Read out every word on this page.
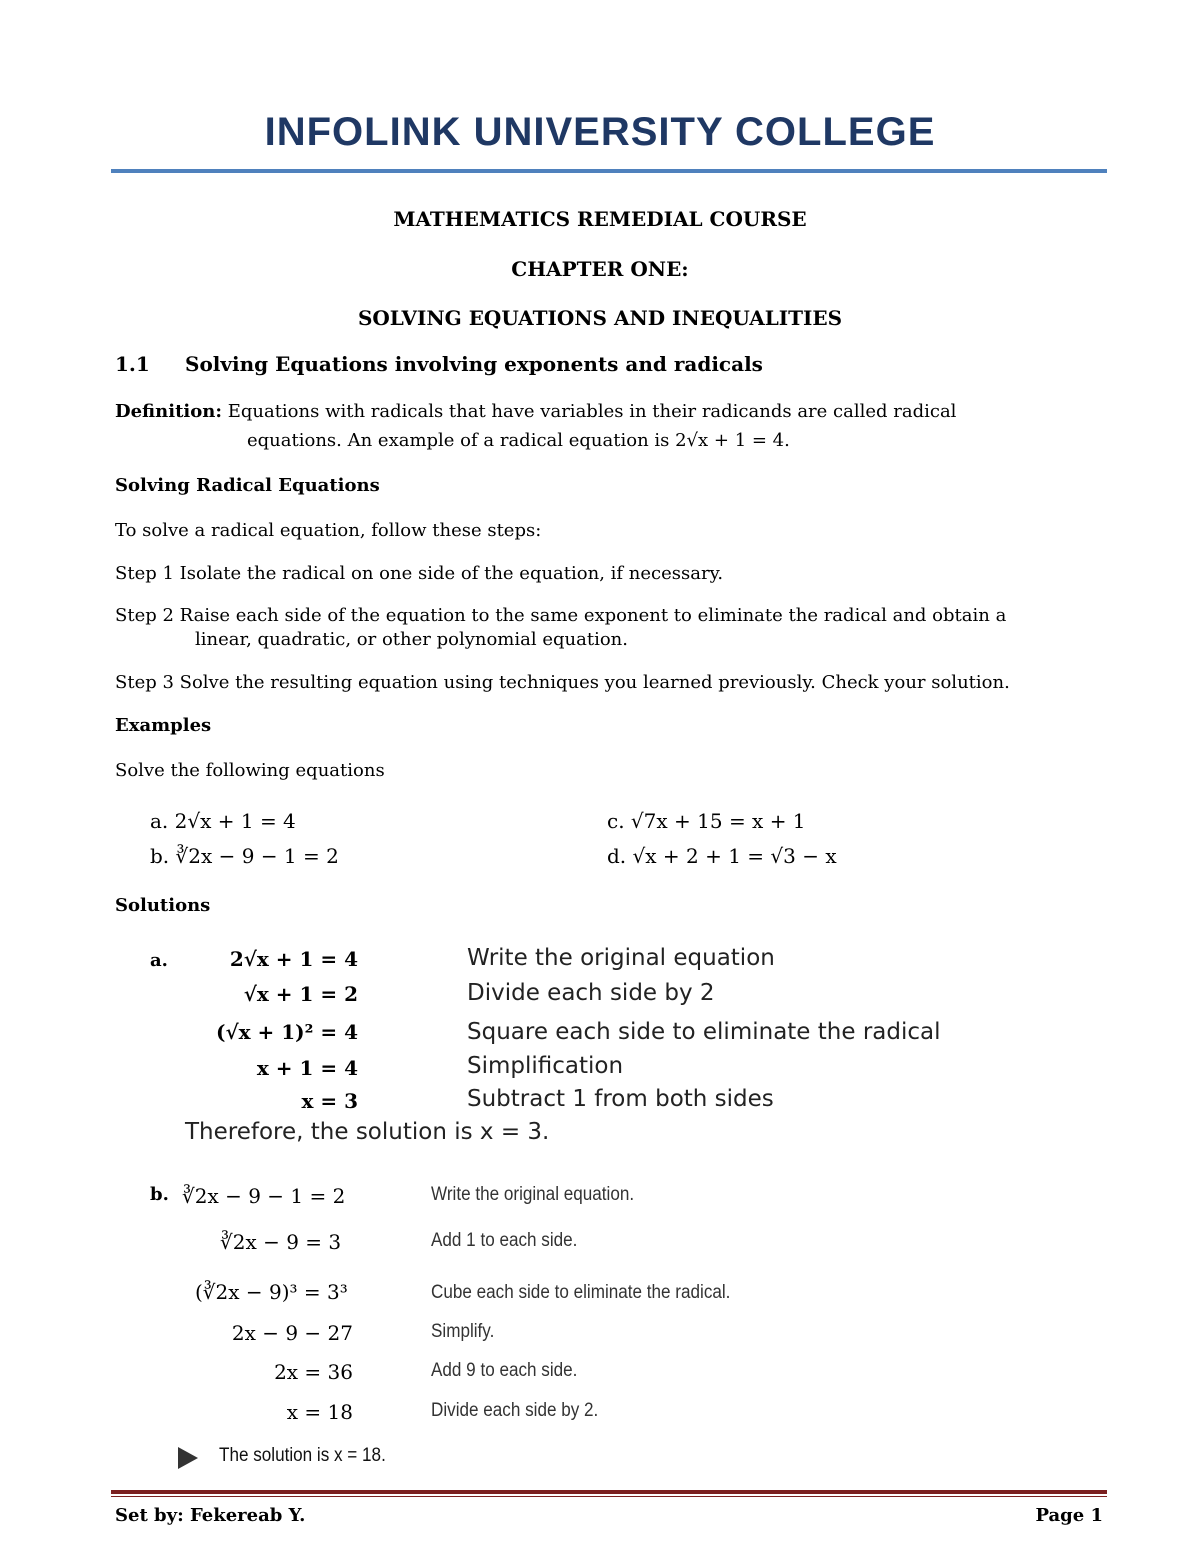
INFOLINK UNIVERSITY COLLEGE
MATHEMATICS REMEDIAL COURSE
CHAPTER ONE:
SOLVING EQUATIONS AND INEQUALITIES
1.1 Solving Equations involving exponents and radicals
Definition: Equations with radicals that have variables in their radicands are called radical
equations. An example of a radical equation is 2√x + 1 = 4.
Solving Radical Equations
To solve a radical equation, follow these steps:
Step 1 Isolate the radical on one side of the equation, if necessary.
Step 2 Raise each side of the equation to the same exponent to eliminate the radical and obtain a
linear, quadratic, or other polynomial equation.
Step 3 Solve the resulting equation using techniques you learned previously. Check your solution.
Examples
Solve the following equations
a. 2√x + 1 = 4
b. ∛2x − 9 − 1 = 2
c. √7x + 15 = x + 1
d. √x + 2 + 1 = √3 − x
Solutions
a.	2√x + 1 = 4	Write the original equation
√x + 1 = 2	Divide each side by 2
(√x + 1)² = 4	Square each side to eliminate the radical
x + 1 = 4	Simplification
x = 3	Subtract 1 from both sides
Therefore, the solution is x = 3.
b. ∛2x − 9 − 1 = 2	Write the original equation.
∛2x − 9 = 3	Add 1 to each side.
(∛2x − 9)³ = 3³	Cube each side to eliminate the radical.
2x − 9 − 27	Simplify.
2x = 36	Add 9 to each side.
x = 18	Divide each side by 2.
The solution is x = 18.
Set by: Fekereab Y.	Page 1
